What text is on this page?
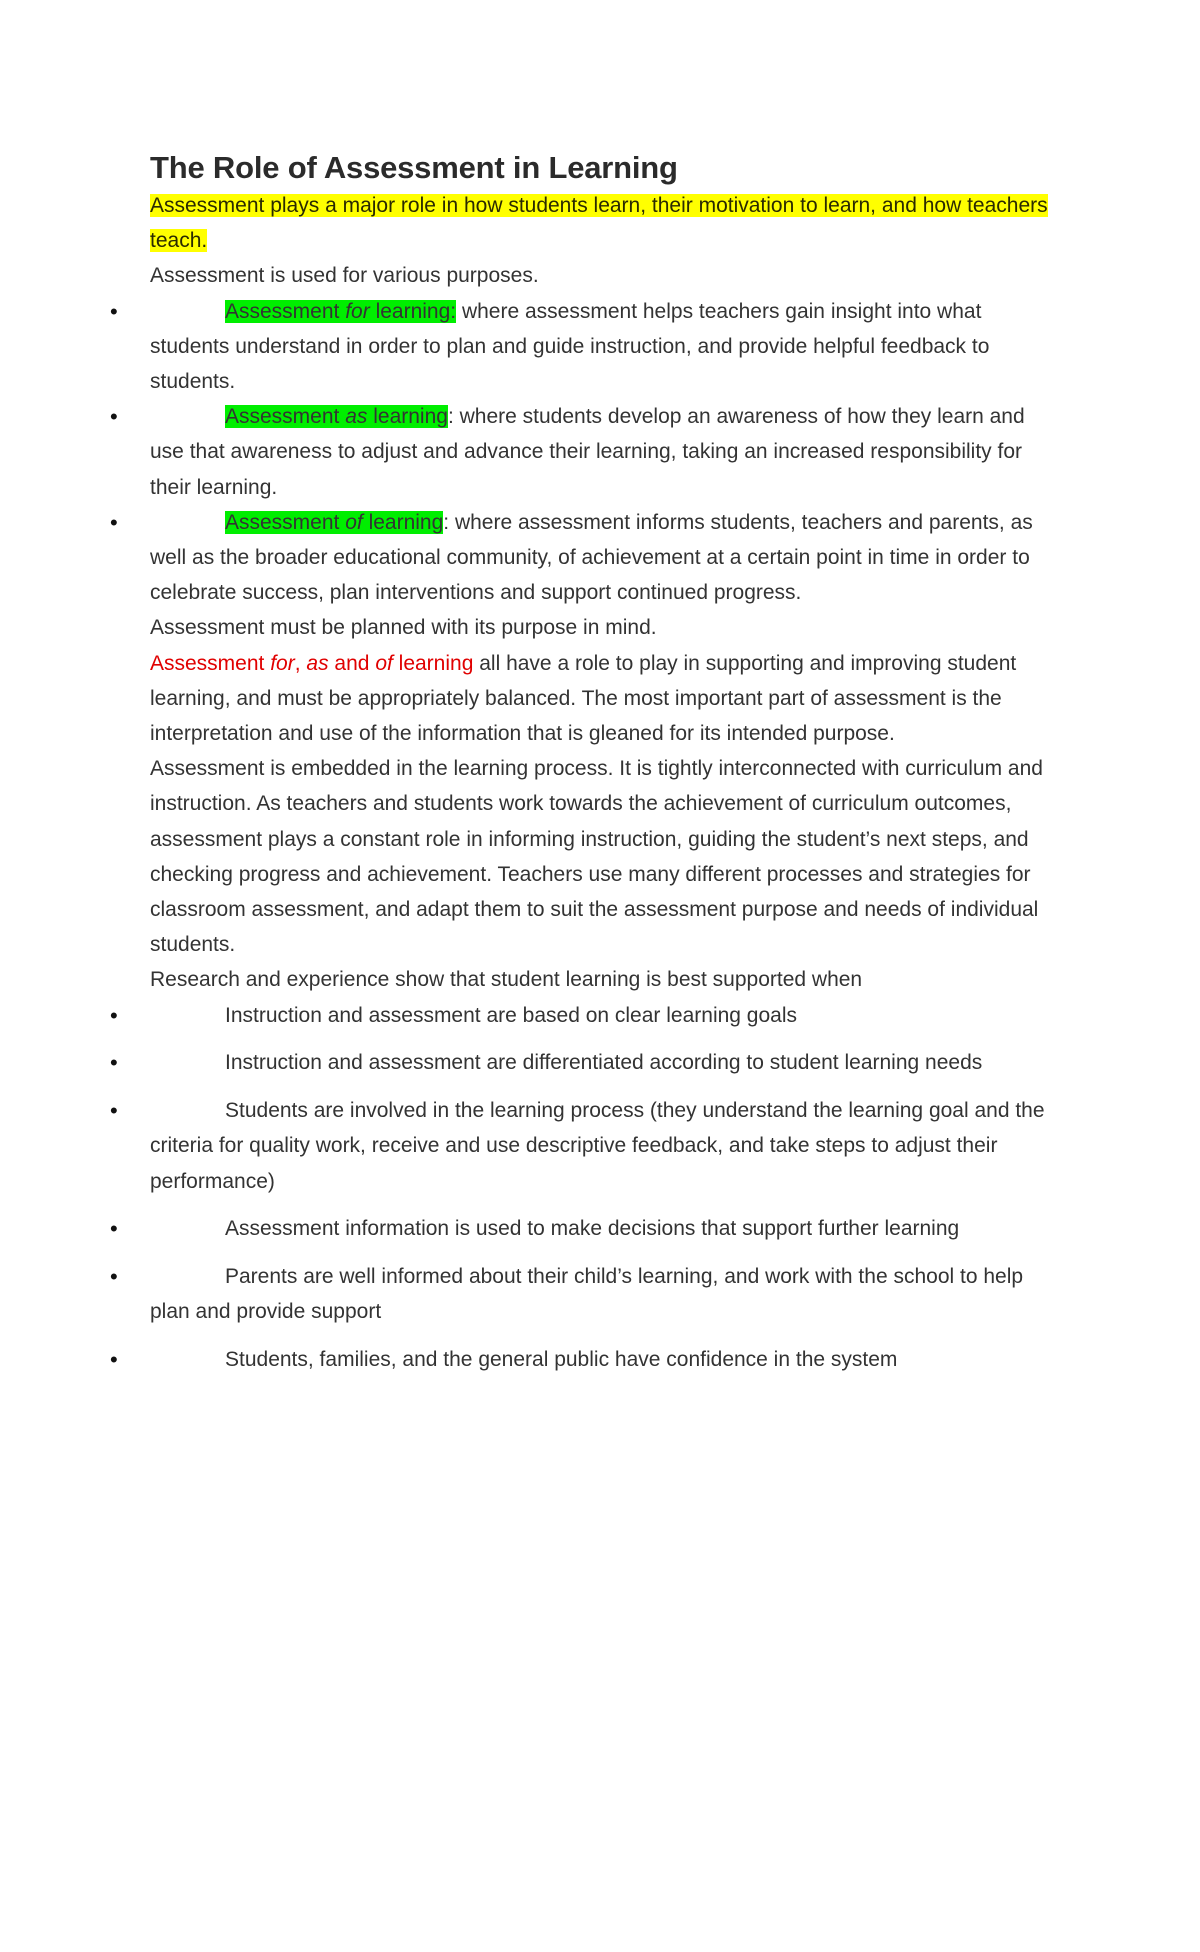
The Role of Assessment in Learning

Assessment plays a major role in how students learn, their motivation to learn, and how teachers teach.

Assessment is used for various purposes.

•	Assessment for learning: where assessment helps teachers gain insight into what students understand in order to plan and guide instruction, and provide helpful feedback to students.
•	Assessment as learning: where students develop an awareness of how they learn and use that awareness to adjust and advance their learning, taking an increased responsibility for their learning.
•	Assessment of learning: where assessment informs students, teachers and parents, as well as the broader educational community, of achievement at a certain point in time in order to celebrate success, plan interventions and support continued progress.

Assessment must be planned with its purpose in mind.

Assessment for, as and of learning all have a role to play in supporting and improving student learning, and must be appropriately balanced. The most important part of assessment is the interpretation and use of the information that is gleaned for its intended purpose.

Assessment is embedded in the learning process. It is tightly interconnected with curriculum and instruction. As teachers and students work towards the achievement of curriculum outcomes, assessment plays a constant role in informing instruction, guiding the student’s next steps, and checking progress and achievement. Teachers use many different processes and strategies for classroom assessment, and adapt them to suit the assessment purpose and needs of individual students.

Research and experience show that student learning is best supported when

•	Instruction and assessment are based on clear learning goals
•	Instruction and assessment are differentiated according to student learning needs
•	Students are involved in the learning process (they understand the learning goal and the criteria for quality work, receive and use descriptive feedback, and take steps to adjust their performance)
•	Assessment information is used to make decisions that support further learning
•	Parents are well informed about their child’s learning, and work with the school to help plan and provide support
•	Students, families, and the general public have confidence in the system
